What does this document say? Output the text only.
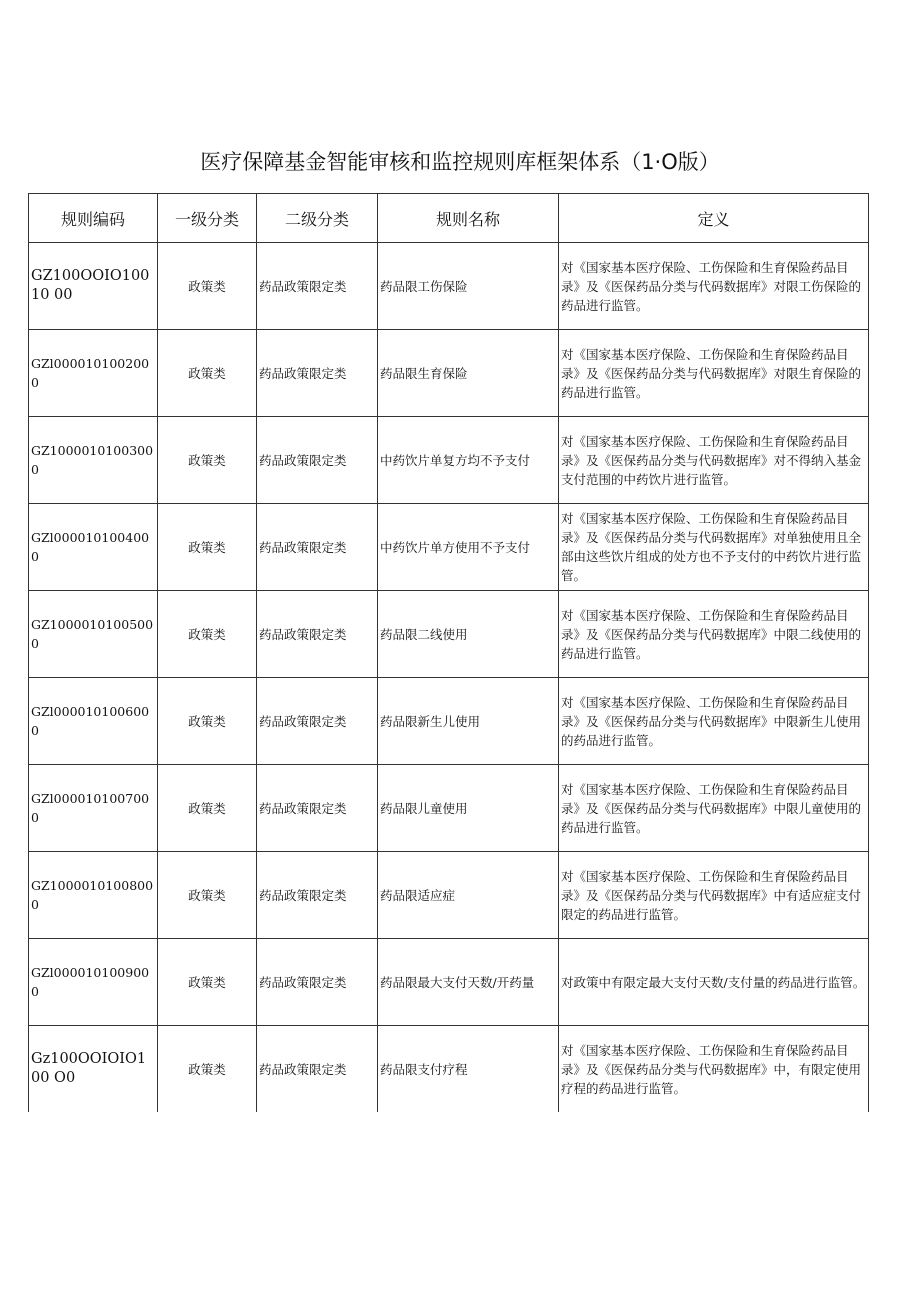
医疗保障基金智能审核和监控规则库框架体系（1·O版）
规则编码	一级分类	二级分类	规则名称	定义
GZ100OOIO10010 00	政策类	药品政策限定类	药品限工伤保险	对《国家基本医疗保险、工伤保险和生育保险药品目录》及《医保药品分类与代码数据库》对限工伤保险的药品进行监管。
GZl0000101002000	政策类	药品政策限定类	药品限生育保险	对《国家基本医疗保险、工伤保险和生育保险药品目录》及《医保药品分类与代码数据库》对限生育保险的药品进行监管。
GZ10000101003000	政策类	药品政策限定类	中药饮片单复方均不予支付	对《国家基本医疗保险、工伤保险和生育保险药品目录》及《医保药品分类与代码数据库》对不得纳入基金支付范围的中药饮片进行监管。
GZl0000101004000	政策类	药品政策限定类	中药饮片单方使用不予支付	对《国家基本医疗保险、工伤保险和生育保险药品目录》及《医保药品分类与代码数据库》对单独使用且全部由这些饮片组成的处方也不予支付的中药饮片进行监管。
GZ10000101005000	政策类	药品政策限定类	药品限二线使用	对《国家基本医疗保险、工伤保险和生育保险药品目录》及《医保药品分类与代码数据库》中限二线使用的药品进行监管。
GZl0000101006000	政策类	药品政策限定类	药品限新生儿使用	对《国家基本医疗保险、工伤保险和生育保险药品目录》及《医保药品分类与代码数据库》中限新生儿使用的药品进行监管。
GZl0000101007000	政策类	药品政策限定类	药品限儿童使用	对《国家基本医疗保险、工伤保险和生育保险药品目录》及《医保药品分类与代码数据库》中限儿童使用的药品进行监管。
GZ10000101008000	政策类	药品政策限定类	药品限适应症	对《国家基本医疗保险、工伤保险和生育保险药品目录》及《医保药品分类与代码数据库》中有适应症支付限定的药品进行监管。
GZl0000101009000	政策类	药品政策限定类	药品限最大支付天数/开药量	对政策中有限定最大支付天数/支付量的药品进行监管。
Gz100OOIOIO100 O0	政策类	药品政策限定类	药品限支付疗程	对《国家基本医疗保险、工伤保险和生育保险药品目录》及《医保药品分类与代码数据库》中，有限定使用疗程的药品进行监管。
